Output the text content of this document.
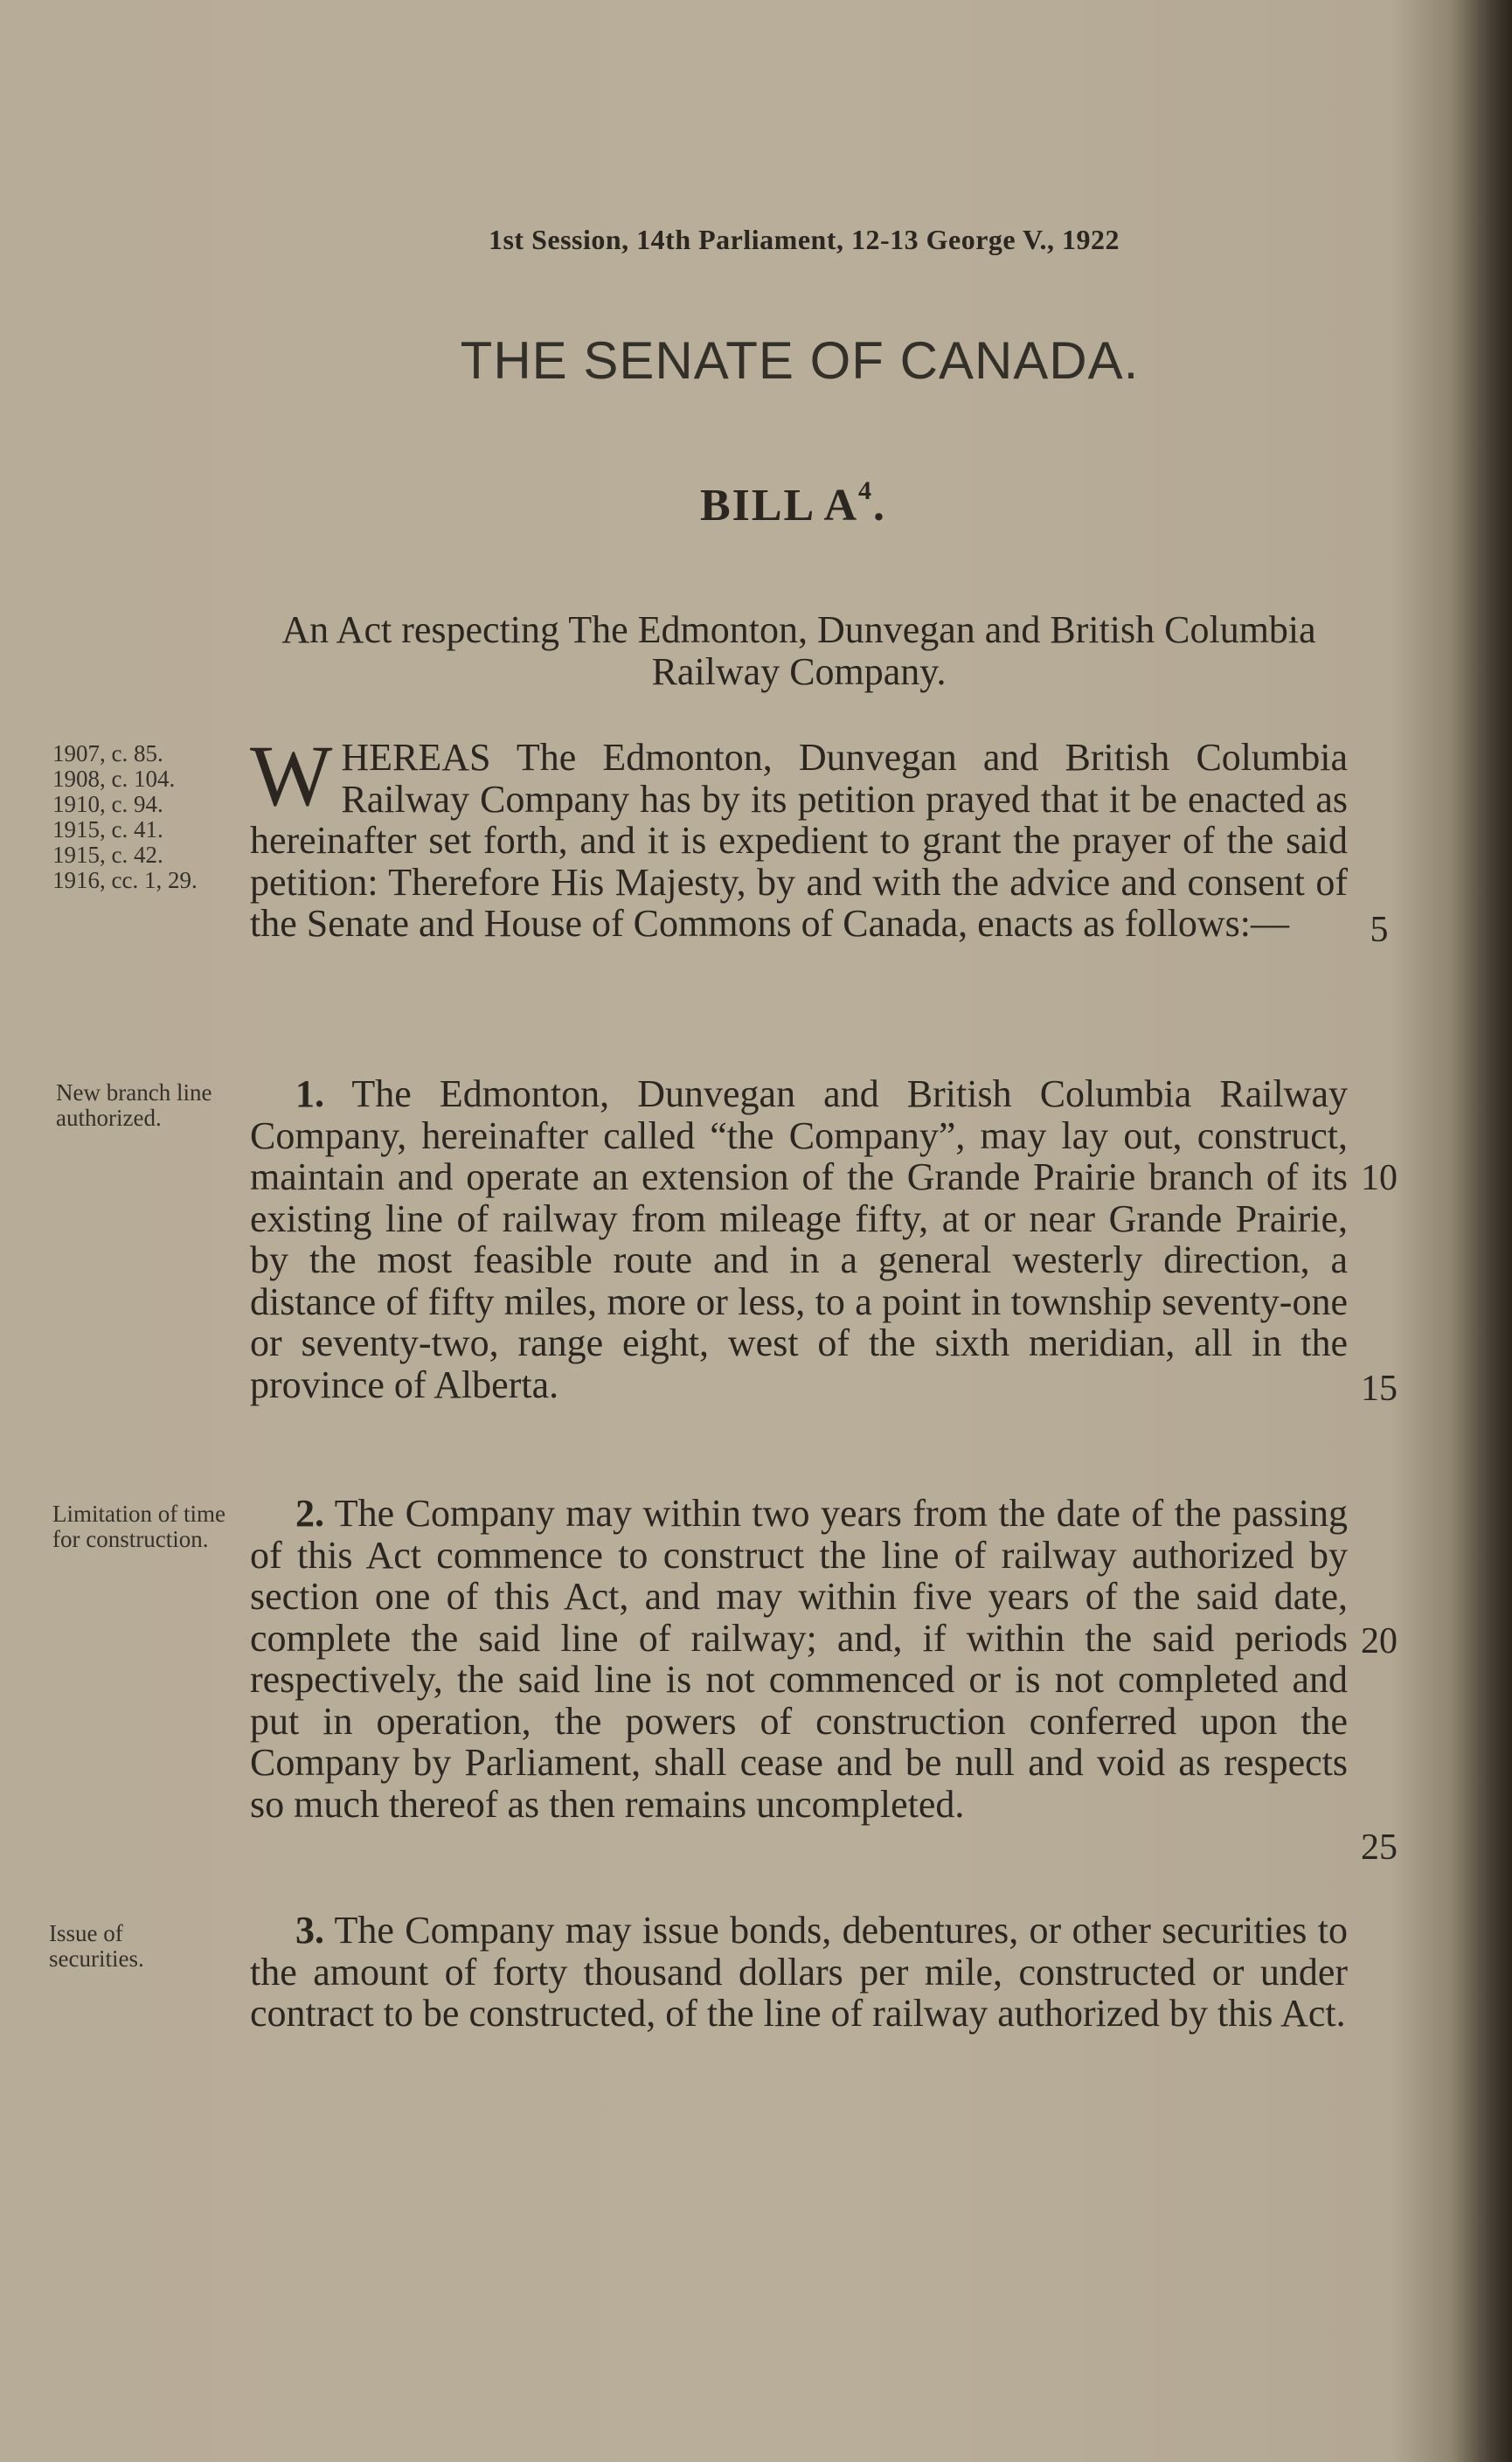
1st Session, 14th Parliament, 12-13 George V., 1922
THE SENATE OF CANADA.
BILL $A^4$.
An Act respecting The Edmonton, Dunvegan and British Columbia Railway Company.
1907, c. 85.
1908, c. 104.
1910, c. 94.
1915, c. 41.
1915, c. 42.
1916, cc. 1, 29.

WHEREAS The Edmonton, Dunvegan and British Columbia Railway Company has by its petition prayed that it be enacted as hereinafter set forth, and it is expedient to grant the prayer of the said petition: Therefore His Majesty, by and with the advice and consent of the Senate and House of Commons of Canada, enacts as follows:—

New branch line authorized.

1. The Edmonton, Dunvegan and British Columbia Railway Company, hereinafter called “the Company”, may lay out, construct, maintain and operate an extension of the Grande Prairie branch of its existing line of railway from mileage fifty, at or near Grande Prairie, by the most feasible route and in a general westerly direction, a distance of fifty miles, more or less, to a point in township seventy-one or seventy-two, range eight, west of the sixth meridian, all in the province of Alberta.

Limitation of time for construction.

2. The Company may within two years from the date of the passing of this Act commence to construct the line of railway authorized by section one of this Act, and may within five years of the said date, complete the said line of railway; and, if within the said periods respectively, the said line is not commenced or is not completed and put in operation, the powers of construction conferred upon the Company by Parliament, shall cease and be null and void as respects so much thereof as then remains uncompleted.

Issue of securities.

3. The Company may issue bonds, debentures, or other securities to the amount of forty thousand dollars per mile, constructed or under contract to be constructed, of the line of railway authorized by this Act.

5
10
15
20
25
